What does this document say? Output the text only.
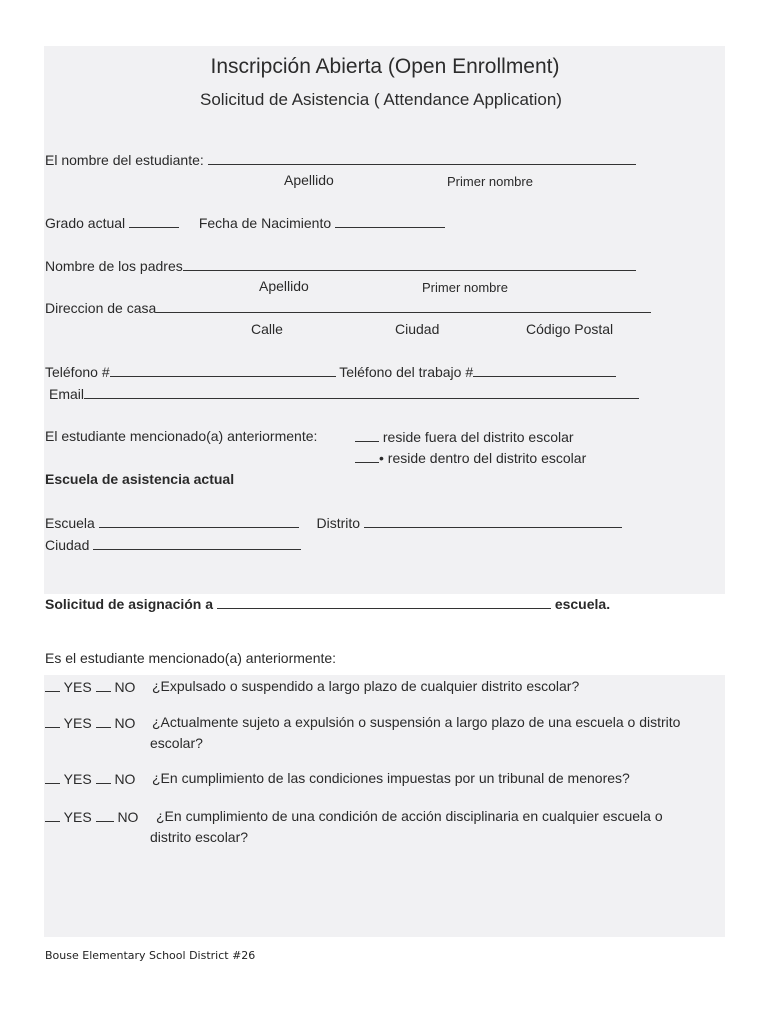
Inscripción Abierta (Open Enrollment)
Solicitud de Asistencia ( Attendance Application)
El nombre del estudiante:
Apellido	Primer nombre
Grado actual	Fecha de Nacimiento
Nombre de los padres
Apellido	Primer nombre
Direccion de casa
Calle	Ciudad	Código Postal
Teléfono #	Teléfono del trabajo #
Email
El estudiante mencionado(a) anteriormente:	reside fuera del distrito escolar
• reside dentro del distrito escolar
Escuela de asistencia actual
Escuela	Distrito
Ciudad
Solicitud de asignación a	escuela.
Es el estudiante mencionado(a) anteriormente:
YES NO ¿Expulsado o suspendido a largo plazo de cualquier distrito escolar?
YES NO ¿Actualmente sujeto a expulsión o suspensión a largo plazo de una escuela o distrito
escolar?
YES NO ¿En cumplimiento de las condiciones impuestas por un tribunal de menores?
YES NO ¿En cumplimiento de una condición de acción disciplinaria en cualquier escuela o
distrito escolar?
Bouse Elementary School District #26
